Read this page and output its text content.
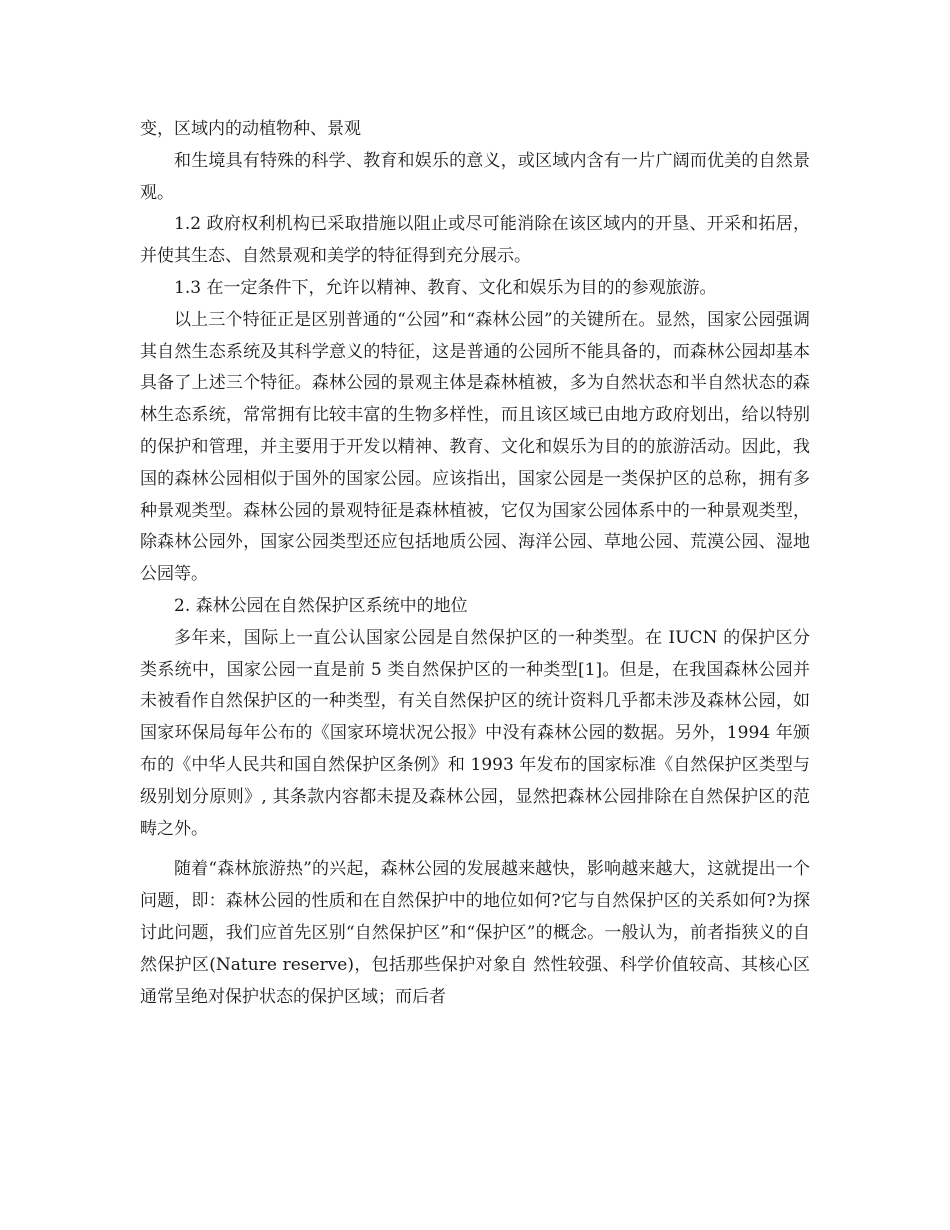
变，区域内的动植物种、景观

和生境具有特殊的科学、教育和娱乐的意义，或区域内含有一片广阔而优美的自然景观。

1.2 政府权利机构已采取措施以阻止或尽可能消除在该区域内的开垦、开采和拓居，并使其生态、自然景观和美学的特征得到充分展示。

1.3 在一定条件下，允许以精神、教育、文化和娱乐为目的的参观旅游。

以上三个特征正是区别普通的“公园”和“森林公园”的关键所在。显然，国家公园强调其自然生态系统及其科学意义的特征，这是普通的公园所不能具备的，而森林公园却基本具备了上述三个特征。森林公园的景观主体是森林植被，多为自然状态和半自然状态的森林生态系统，常常拥有比较丰富的生物多样性，而且该区域已由地方政府划出，给以特别的保护和管理，并主要用于开发以精神、教育、文化和娱乐为目的的旅游活动。因此，我国的森林公园相似于国外的国家公园。应该指出，国家公园是一类保护区的总称，拥有多种景观类型。森林公园的景观特征是森林植被，它仅为国家公园体系中的一种景观类型，除森林公园外，国家公园类型还应包括地质公园、海洋公园、草地公园、荒漠公园、湿地公园等。

2. 森林公园在自然保护区系统中的地位

多年来，国际上一直公认国家公园是自然保护区的一种类型。在 IUCN 的保护区分类系统中，国家公园一直是前 5 类自然保护区的一种类型[1]。但是，在我国森林公园并未被看作自然保护区的一种类型，有关自然保护区的统计资料几乎都未涉及森林公园，如国家环保局每年公布的《国家环境状况公报》中没有森林公园的数据。另外，1994 年颁布的《中华人民共和国自然保护区条例》和 1993 年发布的国家标准《自然保护区类型与级别划分原则》, 其条款内容都未提及森林公园，显然把森林公园排除在自然保护区的范畴之外。

随着“森林旅游热”的兴起，森林公园的发展越来越快，影响越来越大，这就提出一个问题，即：森林公园的性质和在自然保护中的地位如何?它与自然保护区的关系如何?为探讨此问题，我们应首先区别“自然保护区”和“保护区”的概念。一般认为，前者指狭义的自然保护区(Nature reserve)，包括那些保护对象自 然性较强、科学价值较高、其核心区通常呈绝对保护状态的保护区域；而后者
